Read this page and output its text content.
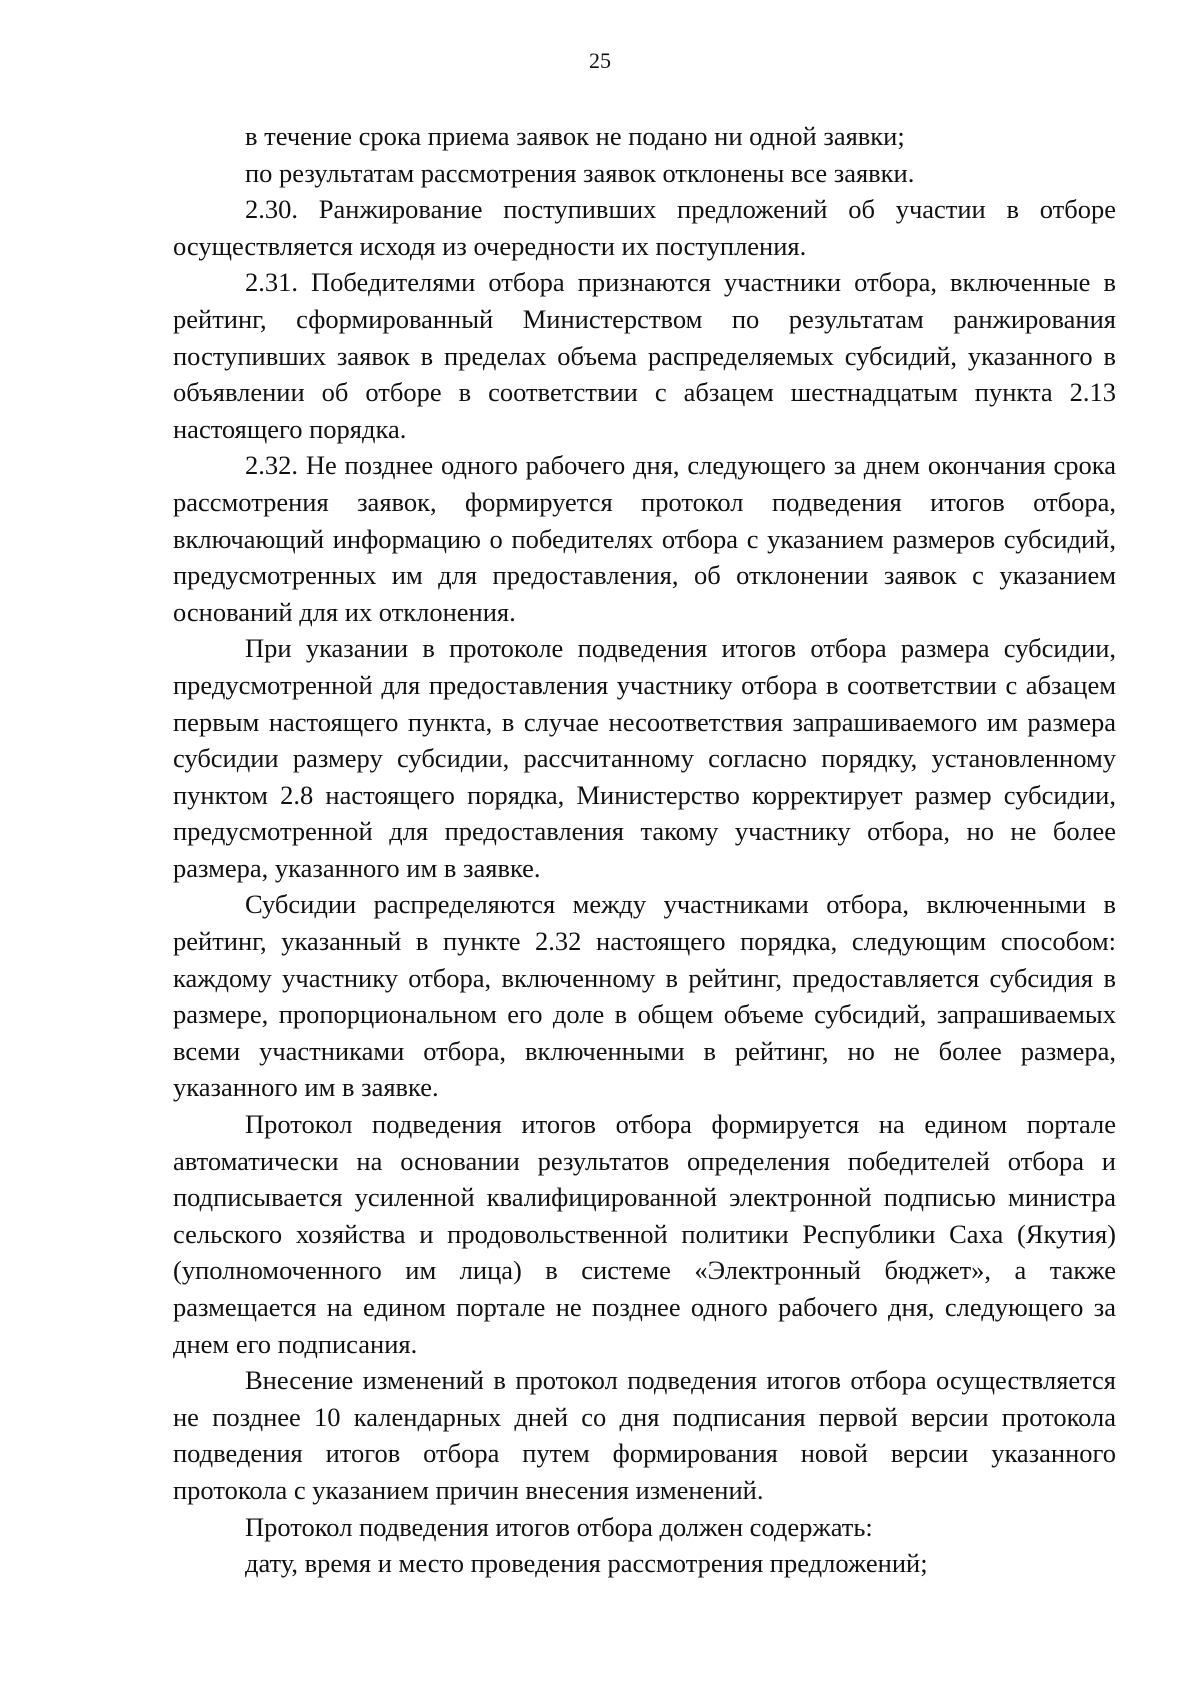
25

в течение срока приема заявок не подано ни одной заявки;

по результатам рассмотрения заявок отклонены все заявки.

2.30. Ранжирование поступивших предложений об участии в отборе осуществляется исходя из очередности их поступления.

2.31. Победителями отбора признаются участники отбора, включенные в рейтинг, сформированный Министерством по результатам ранжирования поступивших заявок в пределах объема распределяемых субсидий, указанного в объявлении об отборе в соответствии с абзацем шестнадцатым пункта 2.13 настоящего порядка.

2.32. Не позднее одного рабочего дня, следующего за днем окончания срока рассмотрения заявок, формируется протокол подведения итогов отбора, включающий информацию о победителях отбора с указанием размеров субсидий, предусмотренных им для предоставления, об отклонении заявок с указанием оснований для их отклонения.

При указании в протоколе подведения итогов отбора размера субсидии, предусмотренной для предоставления участнику отбора в соответствии с абзацем первым настоящего пункта, в случае несоответствия запрашиваемого им размера субсидии размеру субсидии, рассчитанному согласно порядку, установленному пунктом 2.8 настоящего порядка, Министерство корректирует размер субсидии, предусмотренной для предоставления такому участнику отбора, но не более размера, указанного им в заявке.

Субсидии распределяются между участниками отбора, включенными в рейтинг, указанный в пункте 2.32 настоящего порядка, следующим способом: каждому участнику отбора, включенному в рейтинг, предоставляется субсидия в размере, пропорциональном его доле в общем объеме субсидий, запрашиваемых всеми участниками отбора, включенными в рейтинг, но не более размера, указанного им в заявке.

Протокол подведения итогов отбора формируется на едином портале автоматически на основании результатов определения победителей отбора и подписывается усиленной квалифицированной электронной подписью министра сельского хозяйства и продовольственной политики Республики Саха (Якутия) (уполномоченного им лица) в системе «Электронный бюджет», а также размещается на едином портале не позднее одного рабочего дня, следующего за днем его подписания.

Внесение изменений в протокол подведения итогов отбора осуществляется не позднее 10 календарных дней со дня подписания первой версии протокола подведения итогов отбора путем формирования новой версии указанного протокола с указанием причин внесения изменений.

Протокол подведения итогов отбора должен содержать:

дату, время и место проведения рассмотрения предложений;
